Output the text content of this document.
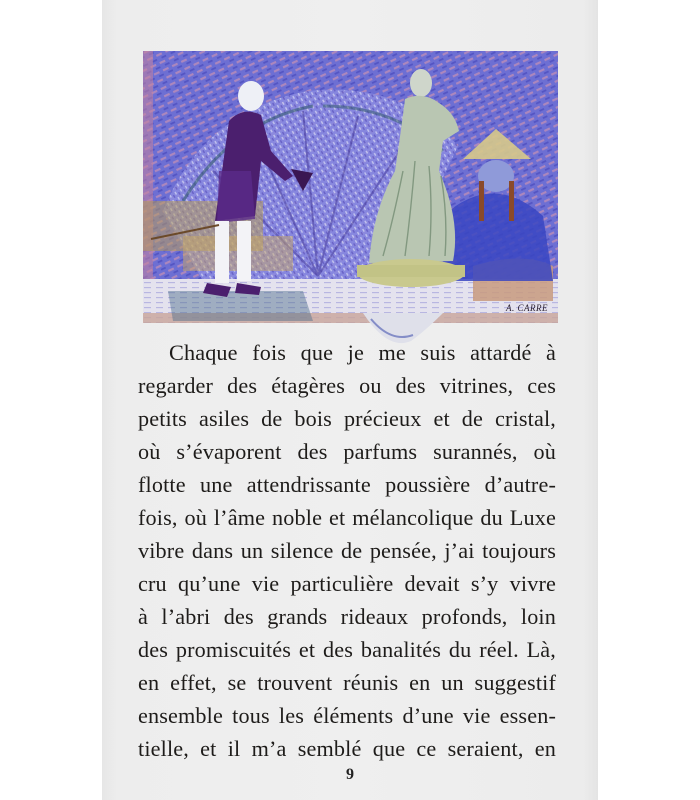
A. CARRE
Chaque fois que je me suis attardé à
regarder des étagères ou des vitrines, ces
petits asiles de bois précieux et de cristal,
où s’évaporent des parfums surannés, où
flotte une attendrissante poussière d’autre-
fois, où l’âme noble et mélancolique du Luxe
vibre dans un silence de pensée, j’ai toujours
cru qu’une vie particulière devait s’y vivre
à l’abri des grands rideaux profonds, loin
des promiscuités et des banalités du réel. Là,
en effet, se trouvent réunis en un suggestif
ensemble tous les éléments d’une vie essen-
tielle, et il m’a semblé que ce seraient, en
9
